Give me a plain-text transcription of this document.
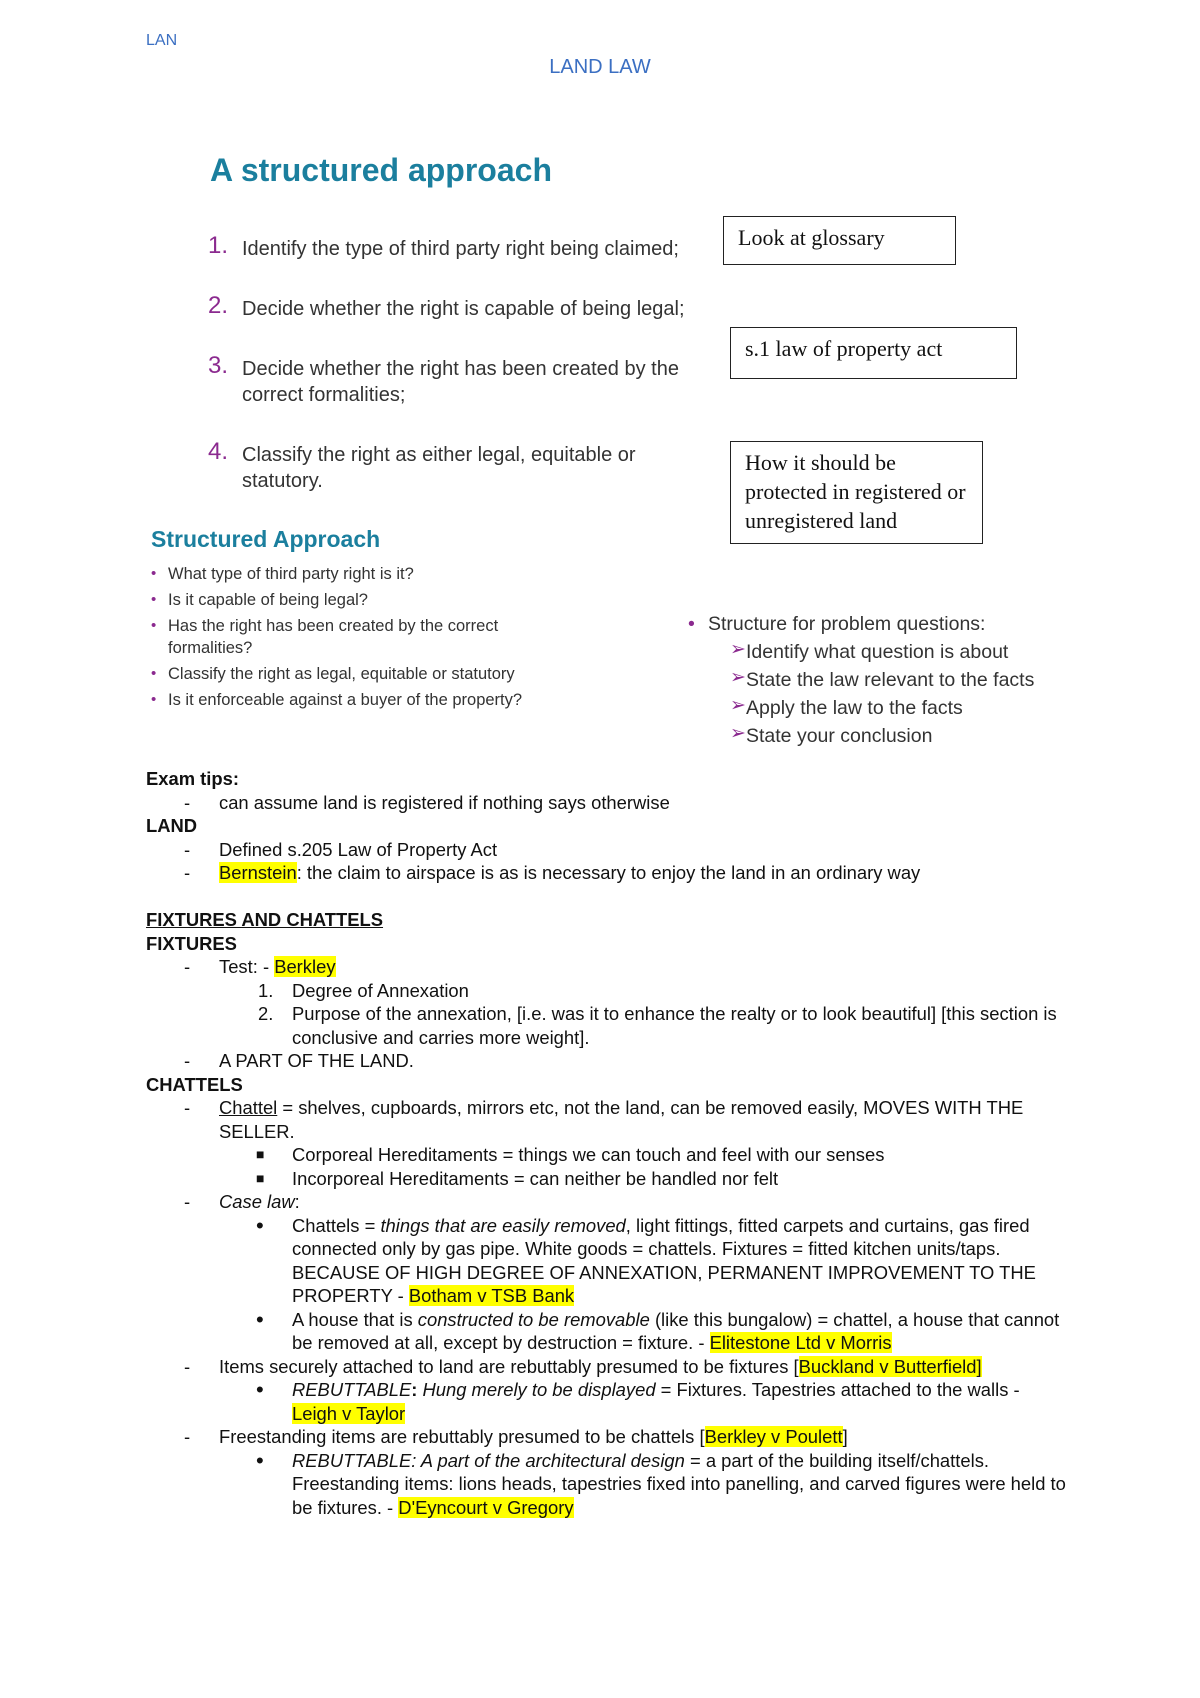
LAN
LAND LAW
A structured approach
1. Identify the type of third party right being claimed;
2. Decide whether the right is capable of being legal;
3. Decide whether the right has been created by the correct formalities;
4. Classify the right as either legal, equitable or statutory.
Look at glossary
s.1 law of property act
How it should be protected in registered or unregistered land
Structured Approach
• What type of third party right is it?
• Is it capable of being legal?
• Has the right has been created by the correct formalities?
• Classify the right as legal, equitable or statutory
• Is it enforceable against a buyer of the property?
• Structure for problem questions:
➢ Identify what question is about
➢ State the law relevant to the facts
➢ Apply the law to the facts
➢ State your conclusion
Exam tips:
- can assume land is registered if nothing says otherwise
LAND
- Defined s.205 Law of Property Act
- Bernstein: the claim to airspace is as is necessary to enjoy the land in an ordinary way
FIXTURES AND CHATTELS
FIXTURES
- Test: - Berkley
1. Degree of Annexation
2. Purpose of the annexation, [i.e. was it to enhance the realty or to look beautiful] [this section is conclusive and carries more weight].
- A PART OF THE LAND.
CHATTELS
- Chattel = shelves, cupboards, mirrors etc, not the land, can be removed easily, MOVES WITH THE SELLER.
■ Corporeal Hereditaments = things we can touch and feel with our senses
■ Incorporeal Hereditaments = can neither be handled nor felt
- Case law:
• Chattels = things that are easily removed, light fittings, fitted carpets and curtains, gas fired connected only by gas pipe. White goods = chattels. Fixtures = fitted kitchen units/taps. BECAUSE OF HIGH DEGREE OF ANNEXATION, PERMANENT IMPROVEMENT TO THE PROPERTY - Botham v TSB Bank
• A house that is constructed to be removable (like this bungalow) = chattel, a house that cannot be removed at all, except by destruction = fixture. - Elitestone Ltd v Morris
- Items securely attached to land are rebuttably presumed to be fixtures [Buckland v Butterfield]
• REBUTTABLE: Hung merely to be displayed = Fixtures. Tapestries attached to the walls - Leigh v Taylor
- Freestanding items are rebuttably presumed to be chattels [Berkley v Poulett]
• REBUTTABLE: A part of the architectural design = a part of the building itself/chattels. Freestanding items: lions heads, tapestries fixed into panelling, and carved figures were held to be fixtures. - D'Eyncourt v Gregory
